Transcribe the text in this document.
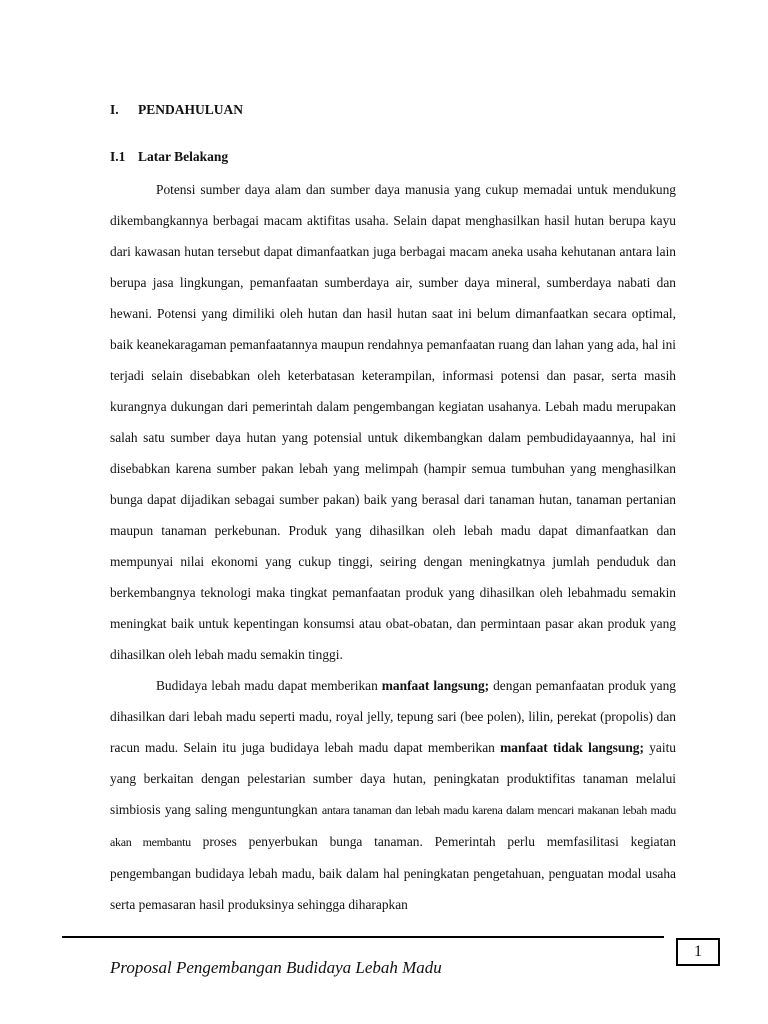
I. PENDAHULUAN
I.1 Latar Belakang

Potensi sumber daya alam dan sumber daya manusia yang cukup memadai untuk mendukung dikembangkannya berbagai macam aktifitas usaha. Selain dapat menghasilkan hasil hutan berupa kayu dari kawasan hutan tersebut dapat dimanfaatkan juga berbagai macam aneka usaha kehutanan antara lain berupa jasa lingkungan, pemanfaatan sumberdaya air, sumber daya mineral, sumberdaya nabati dan hewani. Potensi yang dimiliki oleh hutan dan hasil hutan saat ini belum dimanfaatkan secara optimal, baik keanekaragaman pemanfaatannya maupun rendahnya pemanfaatan ruang dan lahan yang ada, hal ini terjadi selain disebabkan oleh keterbatasan keterampilan, informasi potensi dan pasar, serta masih kurangnya dukungan dari pemerintah dalam pengembangan kegiatan usahanya. Lebah madu merupakan salah satu sumber daya hutan yang potensial untuk dikembangkan dalam pembudidayaannya, hal ini disebabkan karena sumber pakan lebah yang melimpah (hampir semua tumbuhan yang menghasilkan bunga dapat dijadikan sebagai sumber pakan) baik yang berasal dari tanaman hutan, tanaman pertanian maupun tanaman perkebunan. Produk yang dihasilkan oleh lebah madu dapat dimanfaatkan dan mempunyai nilai ekonomi yang cukup tinggi, seiring dengan meningkatnya jumlah penduduk dan berkembangnya teknologi maka tingkat pemanfaatan produk yang dihasilkan oleh lebahmadu semakin meningkat baik untuk kepentingan konsumsi atau obat-obatan, dan permintaan pasar akan produk yang dihasilkan oleh lebah madu semakin tinggi.

Budidaya lebah madu dapat memberikan manfaat langsung; dengan pemanfaatan produk yang dihasilkan dari lebah madu seperti madu, royal jelly, tepung sari (bee polen), lilin, perekat (propolis) dan racun madu. Selain itu juga budidaya lebah madu dapat memberikan manfaat tidak langsung; yaitu yang berkaitan dengan pelestarian sumber daya hutan, peningkatan produktifitas tanaman melalui simbiosis yang saling menguntungkan antara tanaman dan lebah madu karena dalam mencari makanan lebah madu akan membantu proses penyerbukan bunga tanaman. Pemerintah perlu memfasilitasi kegiatan pengembangan budidaya lebah madu, baik dalam hal peningkatan pengetahuan, penguatan modal usaha serta pemasaran hasil produksinya sehingga diharapkan

Proposal Pengembangan Budidaya Lebah Madu
1
